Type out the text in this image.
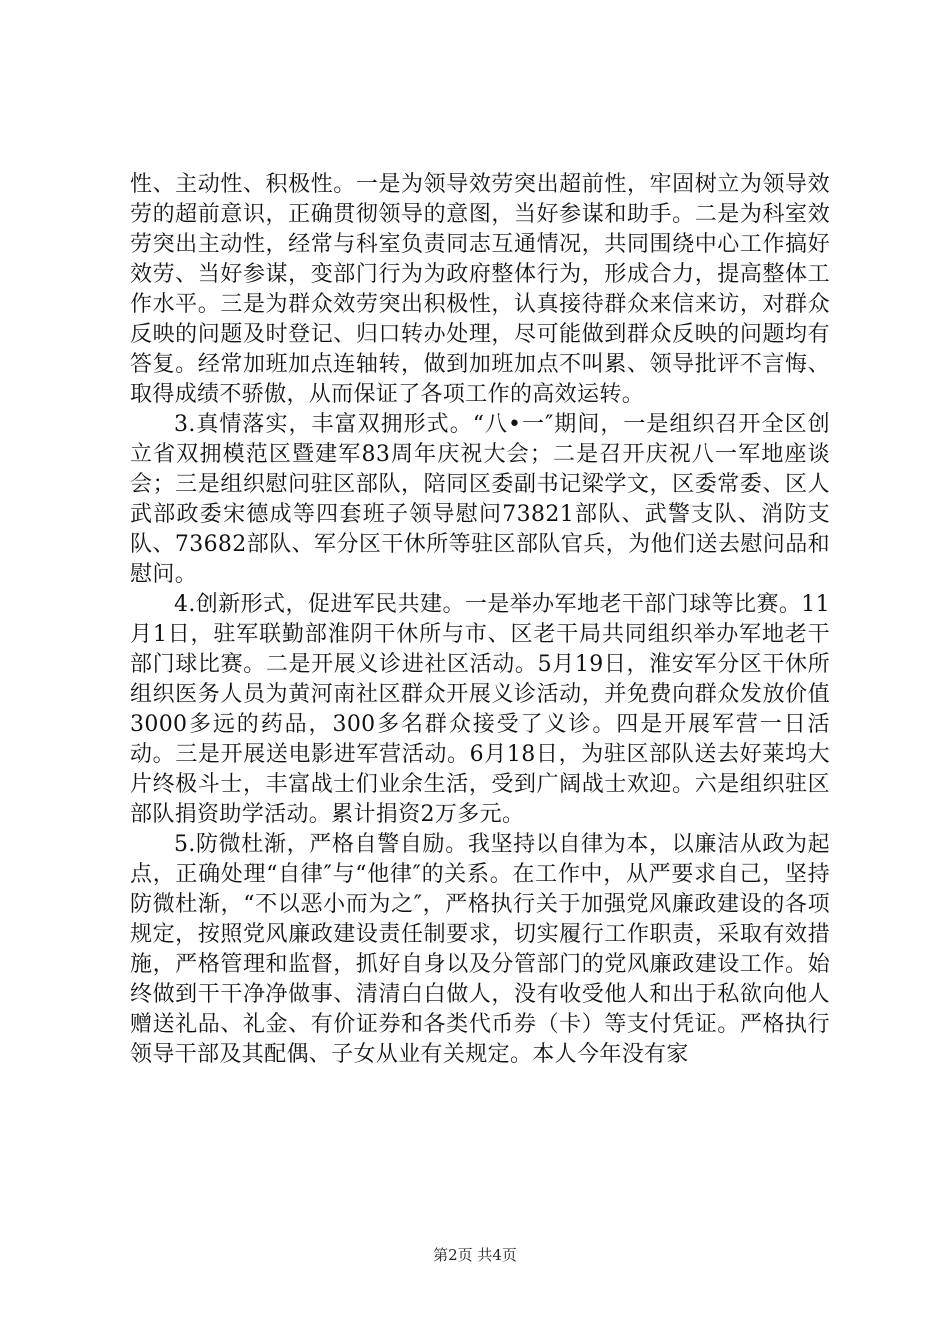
性、主动性、积极性。一是为领导效劳突出超前性，牢固树立为领导效劳的超前意识，正确贯彻领导的意图，当好参谋和助手。二是为科室效劳突出主动性，经常与科室负责同志互通情况，共同围绕中心工作搞好效劳、当好参谋，变部门行为为政府整体行为，形成合力，提高整体工作水平。三是为群众效劳突出积极性，认真接待群众来信来访，对群众反映的问题及时登记、归口转办处理，尽可能做到群众反映的问题均有答复。经常加班加点连轴转，做到加班加点不叫累、领导批评不言悔、取得成绩不骄傲，从而保证了各项工作的高效运转。

3.真情落实，丰富双拥形式。“八•一″期间，一是组织召开全区创立省双拥模范区暨建军83周年庆祝大会；二是召开庆祝八一军地座谈会；三是组织慰问驻区部队，陪同区委副书记梁学文，区委常委、区人武部政委宋德成等四套班子领导慰问73821部队、武警支队、消防支队、73682部队、军分区干休所等驻区部队官兵，为他们送去慰问品和慰问。

4.创新形式，促进军民共建。一是举办军地老干部门球等比赛。11月1日，驻军联勤部淮阴干休所与市、区老干局共同组织举办军地老干部门球比赛。二是开展义诊进社区活动。5月19日，淮安军分区干休所组织医务人员为黄河南社区群众开展义诊活动，并免费向群众发放价值3000多远的药品，300多名群众接受了义诊。四是开展军营一日活动。三是开展送电影进军营活动。6月18日，为驻区部队送去好莱坞大片终极斗士，丰富战士们业余生活，受到广阔战士欢迎。六是组织驻区部队捐资助学活动。累计捐资2万多元。

5.防微杜渐，严格自警自励。我坚持以自律为本，以廉洁从政为起点，正确处理“自律″与“他律″的关系。在工作中，从严要求自己，坚持防微杜渐，“不以恶小而为之″，严格执行关于加强党风廉政建设的各项规定，按照党风廉政建设责任制要求，切实履行工作职责，采取有效措施，严格管理和监督，抓好自身以及分管部门的党风廉政建设工作。始终做到干干净净做事、清清白白做人，没有收受他人和出于私欲向他人赠送礼品、礼金、有价证券和各类代币券（卡）等支付凭证。严格执行领导干部及其配偶、子女从业有关规定。本人今年没有家

第2页 共4页
